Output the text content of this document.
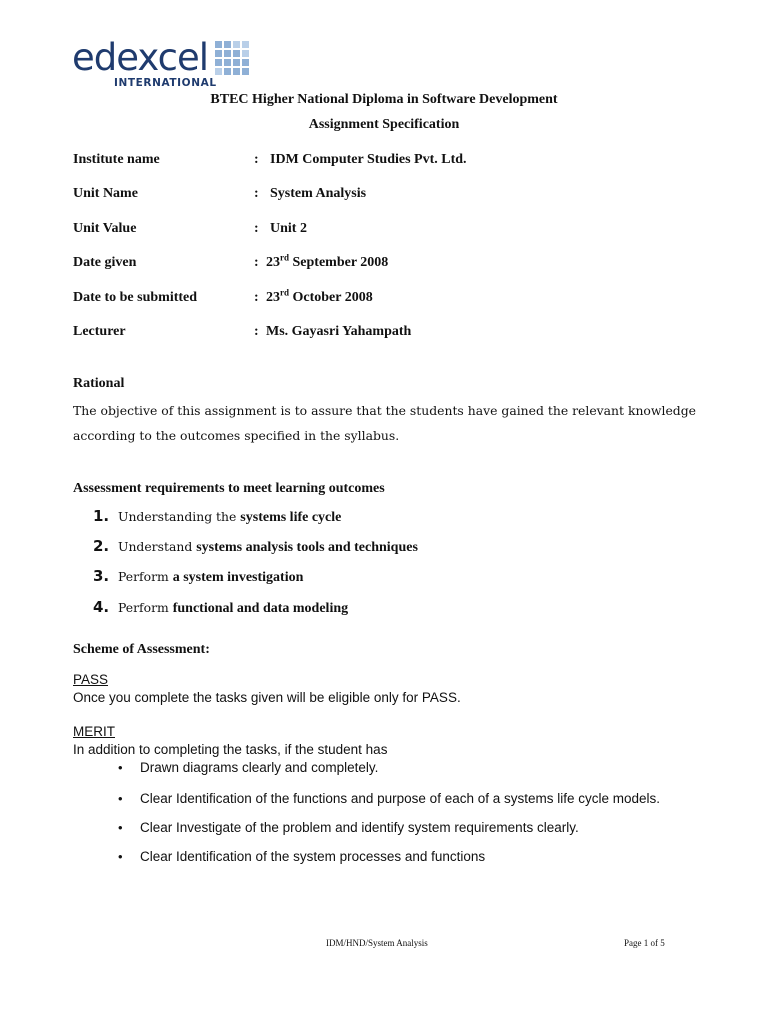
edexcel
INTERNATIONAL
BTEC Higher National Diploma in Software Development
Assignment Specification
Institute name	: IDM Computer Studies Pvt. Ltd.
Unit Name	: System Analysis
Unit Value	: Unit 2
Date given	: 23rd September 2008
Date to be submitted	: 23rd October 2008
Lecturer	: Ms. Gayasri Yahampath
Rational
The objective of this assignment is to assure that the students have gained the relevant knowledge according to the outcomes specified in the syllabus.
Assessment requirements to meet learning outcomes
1. Understanding the systems life cycle
2. Understand systems analysis tools and techniques
3. Perform a system investigation
4. Perform functional and data modeling
Scheme of Assessment:
PASS
Once you complete the tasks given will be eligible only for PASS.
MERIT
In addition to completing the tasks, if the student has
• Drawn diagrams clearly and completely.
• Clear Identification of the functions and purpose of each of a systems life cycle models.
• Clear Investigate of the problem and identify system requirements clearly.
• Clear Identification of the system processes and functions
IDM/HND/System Analysis	Page 1 of 5
